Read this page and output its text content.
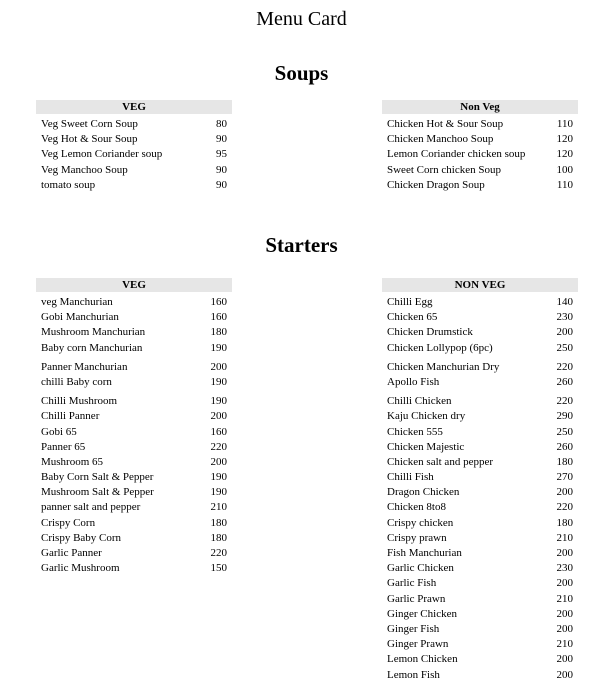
Menu Card
Soups
VEG
Veg Sweet Corn Soup	80
Veg Hot & Sour Soup	90
Veg Lemon Coriander soup	95
Veg Manchoo Soup	90
tomato soup	90
Non Veg
Chicken Hot & Sour Soup	110
Chicken Manchoo Soup	120
Lemon Coriander chicken soup	120
Sweet Corn chicken Soup	100
Chicken Dragon Soup	110
Starters
VEG
veg Manchurian	160
Gobi Manchurian	160
Mushroom Manchurian	180
Baby corn Manchurian	190
Panner Manchurian	200
chilli Baby corn	190
Chilli Mushroom	190
Chilli Panner	200
Gobi 65	160
Panner 65	220
Mushroom 65	200
Baby Corn Salt & Pepper	190
Mushroom Salt & Pepper	190
panner salt and pepper	210
Crispy Corn	180
Crispy Baby Corn	180
Garlic Panner	220
Garlic Mushroom	150
NON VEG
Chilli Egg	140
Chicken 65	230
Chicken Drumstick	200
Chicken Lollypop (6pc)	250
Chicken Manchurian Dry	220
Apollo Fish	260
Chilli Chicken	220
Kaju Chicken dry	290
Chicken 555	250
Chicken Majestic	260
Chicken salt and pepper	180
Chilli Fish	270
Dragon Chicken	200
Chicken 8to8	220
Crispy chicken	180
Crispy prawn	210
Fish Manchurian	200
Garlic Chicken	230
Garlic Fish	200
Garlic Prawn	210
Ginger Chicken	200
Ginger Fish	200
Ginger Prawn	210
Lemon Chicken	200
Lemon Fish	200
